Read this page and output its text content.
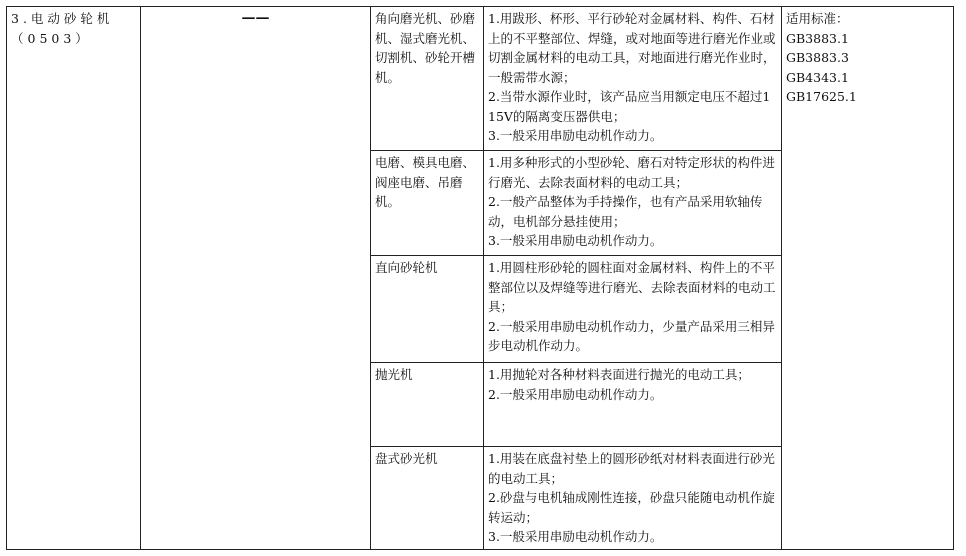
3.电动砂轮机
（0503）	——	角向磨光机、砂磨机、湿式磨光机、切割机、砂轮开槽机。	1.用跋形、杯形、平行砂轮对金属材料、构件、石材上的不平整部位、焊缝，或对地面等进行磨光作业或切割金属材料的电动工具，对地面进行磨光作业时，一般需带水源；
2.当带水源作业时，该产品应当用额定电压不超过115V的隔离变压器供电；
3.一般采用串励电动机作动力。	适用标准：
GB3883.1
GB3883.3
GB4343.1
GB17625.1

		电磨、模具电磨、阀座电磨、吊磨机。	1.用多种形式的小型砂轮、磨石对特定形状的构件进行磨光、去除表面材料的电动工具；
2.一般产品整体为手持操作，也有产品采用软轴传动，电机部分悬挂使用；
3.一般采用串励电动机作动力。	

		直向砂轮机	1.用圆柱形砂轮的圆柱面对金属材料、构件上的不平整部位以及焊缝等进行磨光、去除表面材料的电动工具；
2.一般采用串励电动机作动力，少量产品采用三相异步电动机作动力。	

		抛光机	1.用抛轮对各种材料表面进行抛光的电动工具；
2.一般采用串励电动机作动力。	

		盘式砂光机	1.用装在底盘衬垫上的圆形砂纸对材料表面进行砂光的电动工具；
2.砂盘与电机轴成刚性连接，砂盘只能随电动机作旋转运动；
3.一般采用串励电动机作动力。	
